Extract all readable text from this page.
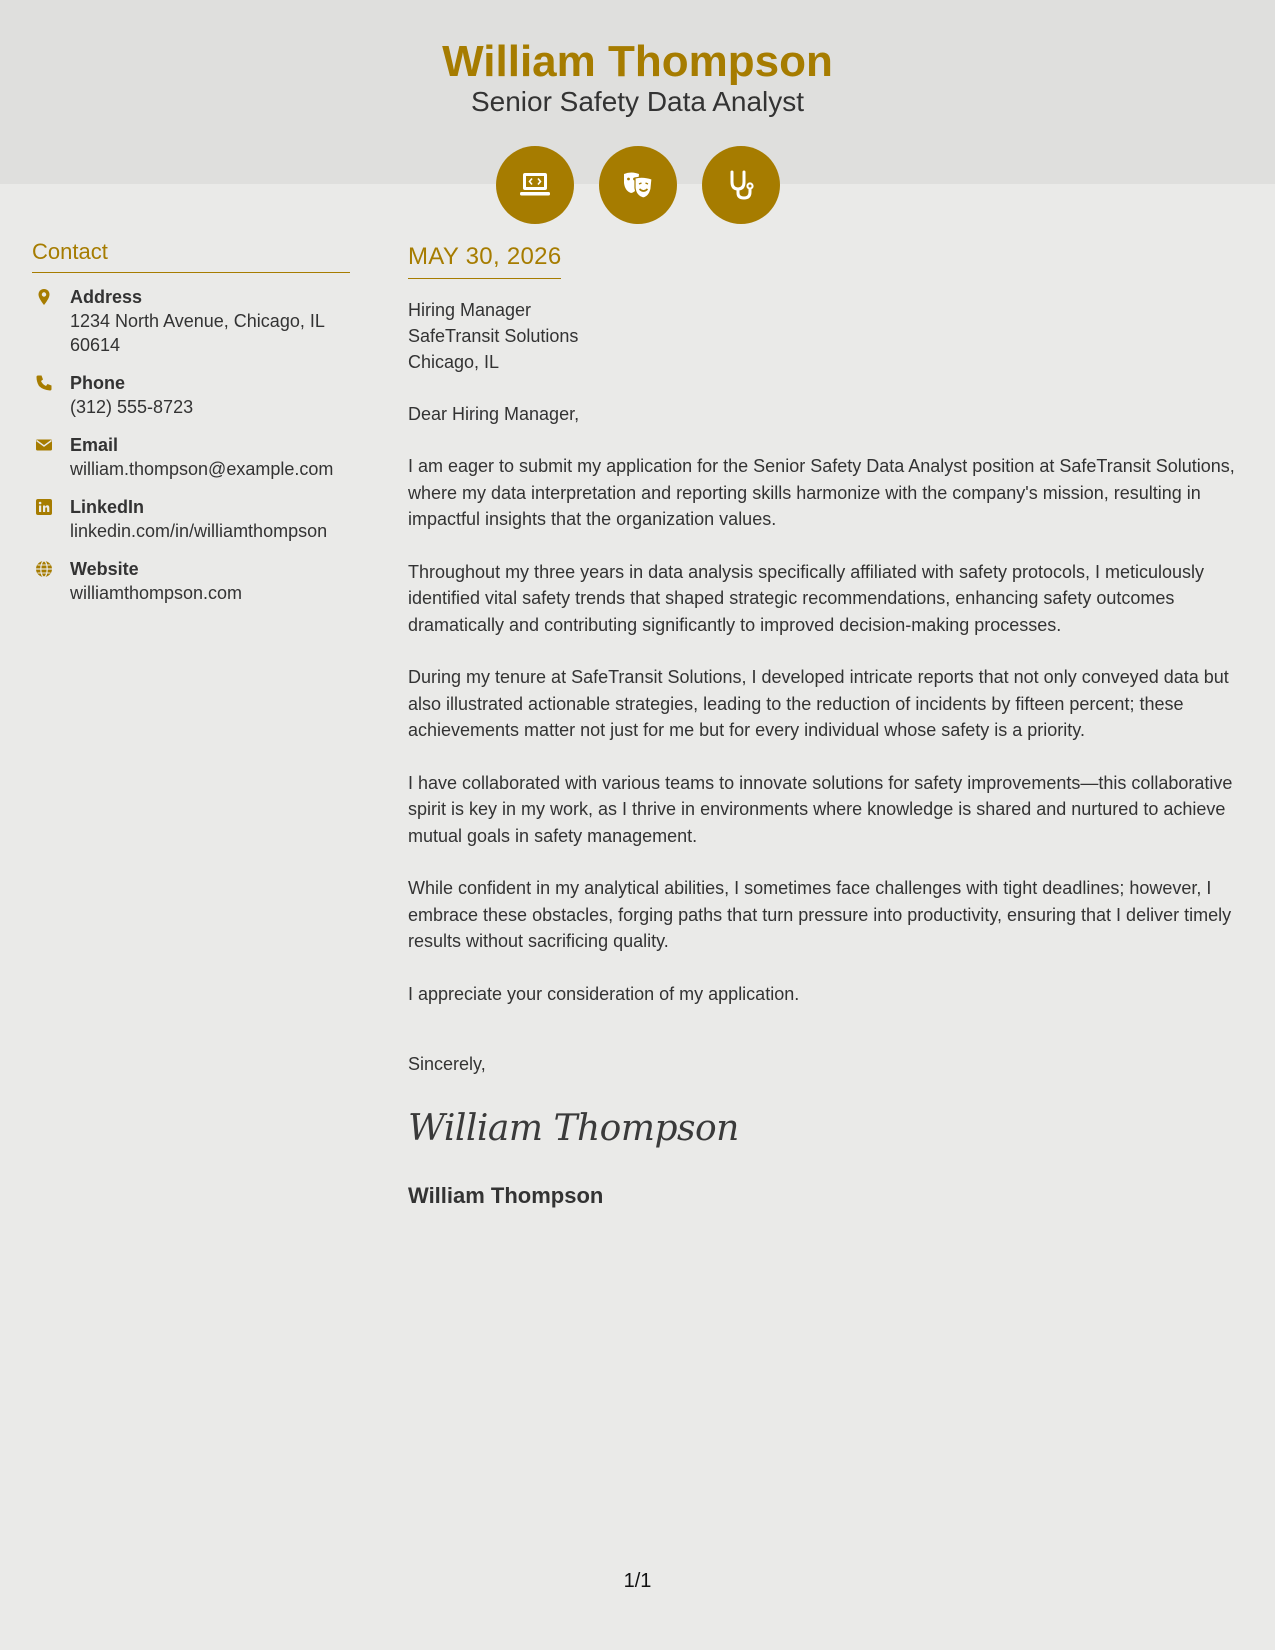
William Thompson
Senior Safety Data Analyst
Contact
Address
1234 North Avenue, Chicago, IL 60614
Phone
(312) 555-8723
Email
william.thompson@example.com
LinkedIn
linkedin.com/in/williamthompson
Website
williamthompson.com
MAY 30, 2026
Hiring Manager
SafeTransit Solutions
Chicago, IL
Dear Hiring Manager,
I am eager to submit my application for the Senior Safety Data Analyst position at SafeTransit Solutions, where my data interpretation and reporting skills harmonize with the company's mission, resulting in impactful insights that the organization values.
Throughout my three years in data analysis specifically affiliated with safety protocols, I meticulously identified vital safety trends that shaped strategic recommendations, enhancing safety outcomes dramatically and contributing significantly to improved decision-making processes.
During my tenure at SafeTransit Solutions, I developed intricate reports that not only conveyed data but also illustrated actionable strategies, leading to the reduction of incidents by fifteen percent; these achievements matter not just for me but for every individual whose safety is a priority.
I have collaborated with various teams to innovate solutions for safety improvements—this collaborative spirit is key in my work, as I thrive in environments where knowledge is shared and nurtured to achieve mutual goals in safety management.
While confident in my analytical abilities, I sometimes face challenges with tight deadlines; however, I embrace these obstacles, forging paths that turn pressure into productivity, ensuring that I deliver timely results without sacrificing quality.
I appreciate your consideration of my application.
Sincerely,
William Thompson
William Thompson
1/1
